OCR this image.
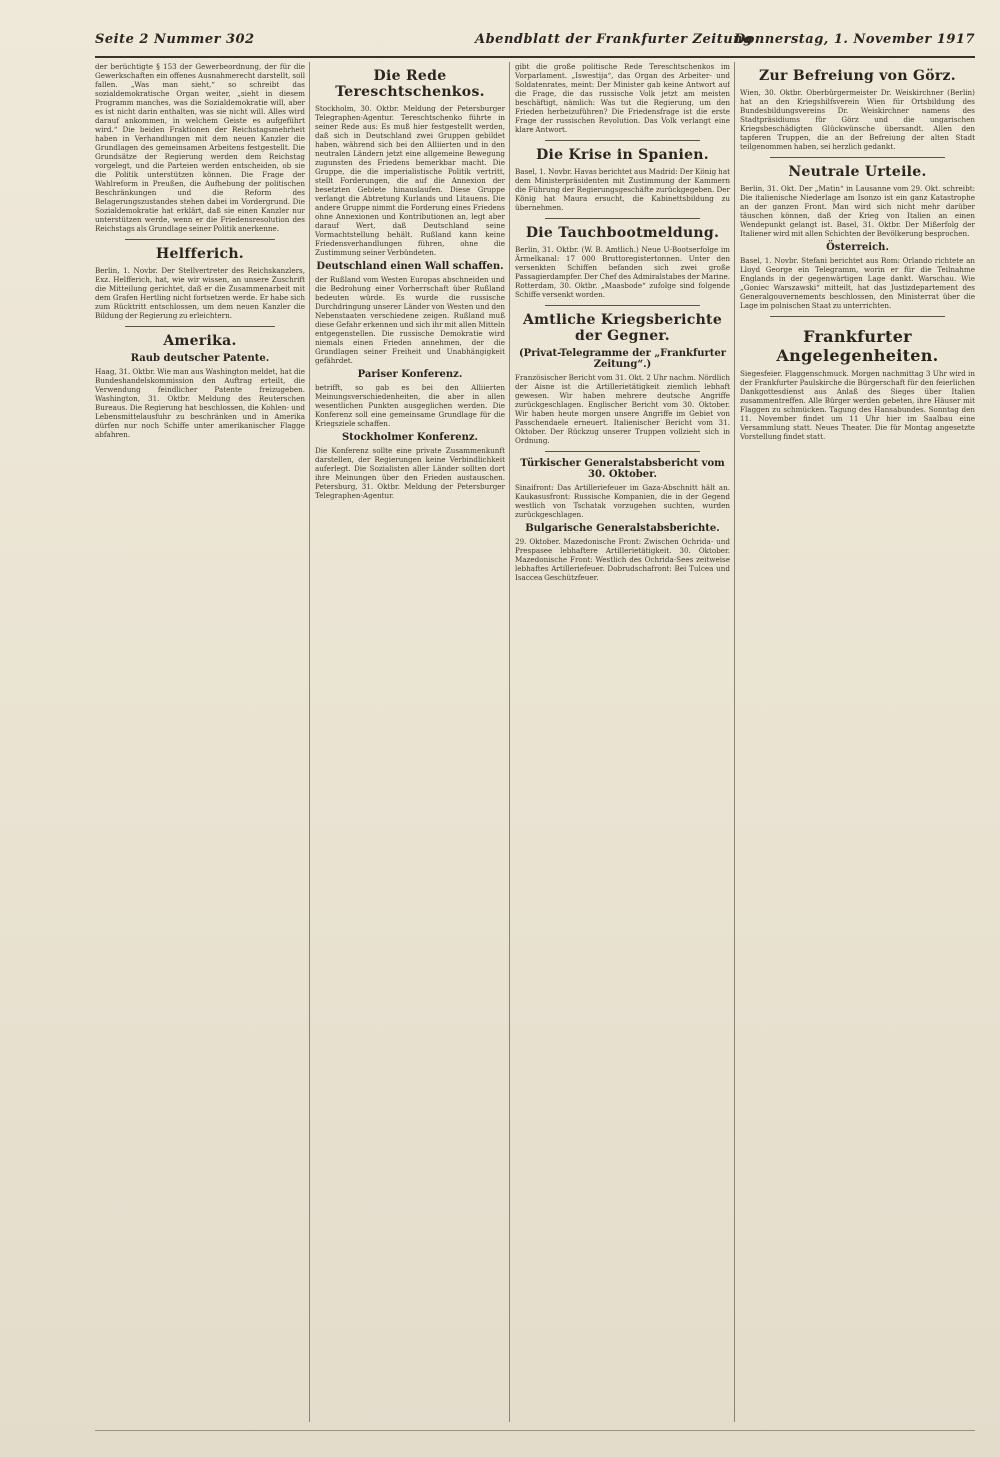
Seite 2 Nummer 302	Abendblatt der Frankfurter Zeitung
Donnerstag, 1. November 1917

der berüchtigte § 153 der Gewerbeordnung, der für die Gewerkschaften ein offenes Ausnahmerecht darstellt, soll fallen. „Was man sieht,“ so schreibt das sozialdemokratische Organ weiter, „sieht in diesem Programm manches, was die Sozialdemokratie will, aber es ist nicht darin enthalten, was sie nicht will. Alles wird darauf ankommen, in welchem Geiste es aufgeführt wird.“ Die beiden Fraktionen der Reichstagsmehrheit haben in Verhandlungen mit dem neuen Kanzler die Grundlagen des gemeinsamen Arbeitens festgestellt. Die Grundsätze der Regierung werden dem Reichstag vorgelegt, und die Parteien werden entscheiden, ob sie die Politik unterstützen können. Die Frage der Wahlreform in Preußen, die Aufhebung der politischen Beschränkungen und die Reform des Belagerungszustandes stehen dabei im Vordergrund. Die Sozialdemokratie hat erklärt, daß sie einen Kanzler nur unterstützen werde, wenn er die Friedensresolution des Reichstags als Grundlage seiner Politik anerkenne.

Helfferich.

Berlin, 1. Novbr. Der Stellvertreter des Reichskanzlers, Exz. Helfferich, hat, wie wir wissen, an unsere Zuschrift die Mitteilung gerichtet, daß er die Zusammenarbeit mit dem Grafen Hertling nicht fortsetzen werde. Er habe sich zum Rücktritt entschlossen, um dem neuen Kanzler die Bildung der Regierung zu erleichtern.

Amerika.
Raub deutscher Patente.

Haag, 31. Oktbr. Wie man aus Washington meldet, hat die Bundeshandelskommission den Auftrag erteilt, die Verwendung feindlicher Patente freizugeben. Washington, 31. Oktbr. Meldung des Reuterschen Bureaus. Die Regierung hat beschlossen, die Kohlen- und Lebensmittelausfuhr zu beschränken und in Amerika dürfen nur noch Schiffe unter amerikanischer Flagge abfahren.

Die Rede Tereschtschenkos.

Stockholm, 30. Oktbr. Meldung der Petersburger Telegraphen-Agentur. Tereschtschenko führte in seiner Rede aus: Es muß hier festgestellt werden, daß sich in Deutschland zwei Gruppen gebildet haben, während sich bei den Alliierten und in den neutralen Ländern jetzt eine allgemeine Bewegung zugunsten des Friedens bemerkbar macht. Die Gruppe, die die imperialistische Politik vertritt, stellt Forderungen, die auf die Annexion der besetzten Gebiete hinauslaufen. Diese Gruppe verlangt die Abtretung Kurlands und Litauens. Die andere Gruppe nimmt die Forderung eines Friedens ohne Annexionen und Kontributionen an, legt aber darauf Wert, daß Deutschland seine Vormachtstellung behält. Rußland kann keine Friedensverhandlungen führen, ohne die Zustimmung seiner Verbündeten.

Deutschland einen Wall schaffen.

der Rußland vom Westen Europas abschneiden und die Bedrohung einer Vorherrschaft über Rußland bedeuten würde. Es wurde die russische Durchdringung unserer Länder von Westen und den Nebenstaaten verschiedene zeigen. Rußland muß diese Gefahr erkennen und sich ihr mit allen Mitteln entgegenstellen. Die russische Demokratie wird niemals einen Frieden annehmen, der die Grundlagen seiner Freiheit und Unabhängigkeit gefährdet.

Pariser Konferenz.

betrifft, so gab es bei den Alliierten Meinungsverschiedenheiten, die aber in allen wesentlichen Punkten ausgeglichen werden. Die Konferenz soll eine gemeinsame Grundlage für die Kriegsziele schaffen.

Stockholmer Konferenz.

Die Konferenz sollte eine private Zusammenkunft darstellen, der Regierungen keine Verbindlichkeit auferlegt. Die Sozialisten aller Länder sollten dort ihre Meinungen über den Frieden austauschen. Petersburg, 31. Oktbr. Meldung der Petersburger Telegraphen-Agentur.

gibt die große politische Rede Tereschtschenkos im Vorparlament. „Iswestija“, das Organ des Arbeiter- und Soldatenrates, meint: Der Minister gab keine Antwort auf die Frage, die das russische Volk jetzt am meisten beschäftigt, nämlich: Was tut die Regierung, um den Frieden herbeizuführen? Die Friedensfrage ist die erste Frage der russischen Revolution. Das Volk verlangt eine klare Antwort.

Die Krise in Spanien.

Basel, 1. Novbr. Havas berichtet aus Madrid: Der König hat dem Ministerpräsidenten mit Zustimmung der Kammern die Führung der Regierungsgeschäfte zurückgegeben. Der König hat Maura ersucht, die Kabinettsbildung zu übernehmen.

Die Tauchbootmeldung.

Berlin, 31. Oktbr. (W. B. Amtlich.) Neue U-Bootserfolge im Ärmelkanal: 17 000 Bruttoregistertonnen. Unter den versenkten Schiffen befanden sich zwei große Passagierdampfer. Der Chef des Admiralstabes der Marine. Rotterdam, 30. Oktbr. „Maasbode“ zufolge sind folgende Schiffe versenkt worden.

Amtliche Kriegsberichte der Gegner.
(Privat-Telegramme der „Frankfurter Zeitung“.)

Französischer Bericht vom 31. Okt. 2 Uhr nachm. Nördlich der Aisne ist die Artillerietätigkeit ziemlich lebhaft gewesen. Wir haben mehrere deutsche Angriffe zurückgeschlagen. Englischer Bericht vom 30. Oktober. Wir haben heute morgen unsere Angriffe im Gebiet von Passchendaele erneuert. Italienischer Bericht vom 31. Oktober. Der Rückzug unserer Truppen vollzieht sich in Ordnung.

Türkischer Generalstabsbericht vom 30. Oktober.

Sinaifront: Das Artilleriefeuer im Gaza-Abschnitt hält an. Kaukasusfront: Russische Kompanien, die in der Gegend westlich von Tschatak vorzugehen suchten, wurden zurückgeschlagen.

Bulgarische Generalstabsberichte.

29. Oktober. Mazedonische Front: Zwischen Ochrida- und Prespasee lebhaftere Artillerietätigkeit. 30. Oktober. Mazedonische Front: Westlich des Ochrida-Sees zeitweise lebhaftes Artilleriefeuer. Dobrudschafront: Bei Tulcea und Isaccea Geschützfeuer.

Zur Befreiung von Görz.

Wien, 30. Oktbr. Oberbürgermeister Dr. Weiskirchner (Berlin) hat an den Kriegshilfsverein Wien für Ortsbildung des Bundesbildungsvereins Dr. Weiskirchner namens des Stadtpräsidiums für Görz und die ungarischen Kriegsbeschädigten Glückwünsche übersandt. Allen den tapferen Truppen, die an der Befreiung der alten Stadt teilgenommen haben, sei herzlich gedankt.

Neutrale Urteile.

Berlin, 31. Okt. Der „Matin“ in Lausanne vom 29. Okt. schreibt: Die italienische Niederlage am Isonzo ist ein ganz Katastrophe an der ganzen Front. Man wird sich nicht mehr darüber täuschen können, daß der Krieg von Italien an einen Wendepunkt gelangt ist. Basel, 31. Oktbr. Der Mißerfolg der Italiener wird mit allen Schichten der Bevölkerung besprochen.

Österreich.

Basel, 1. Novbr. Stefani berichtet aus Rom: Orlando richtete an Lloyd George ein Telegramm, worin er für die Teilnahme Englands in der gegenwärtigen Lage dankt. Warschau. Wie „Goniec Warszawski“ mitteilt, hat das Justizdepartement des Generalgouvernements beschlossen, den Ministerrat über die Lage im polnischen Staat zu unterrichten.

Frankfurter Angelegenheiten.

Siegesfeier. Flaggenschmuck. Morgen nachmittag 3 Uhr wird in der Frankfurter Paulskirche die Bürgerschaft für den feierlichen Dankgottesdienst aus Anlaß des Sieges über Italien zusammentreffen. Alle Bürger werden gebeten, ihre Häuser mit Flaggen zu schmücken. Tagung des Hansabundes. Sonntag den 11. November findet um 11 Uhr hier im Saalbau eine Versammlung statt. Neues Theater. Die für Montag angesetzte Vorstellung findet statt.
